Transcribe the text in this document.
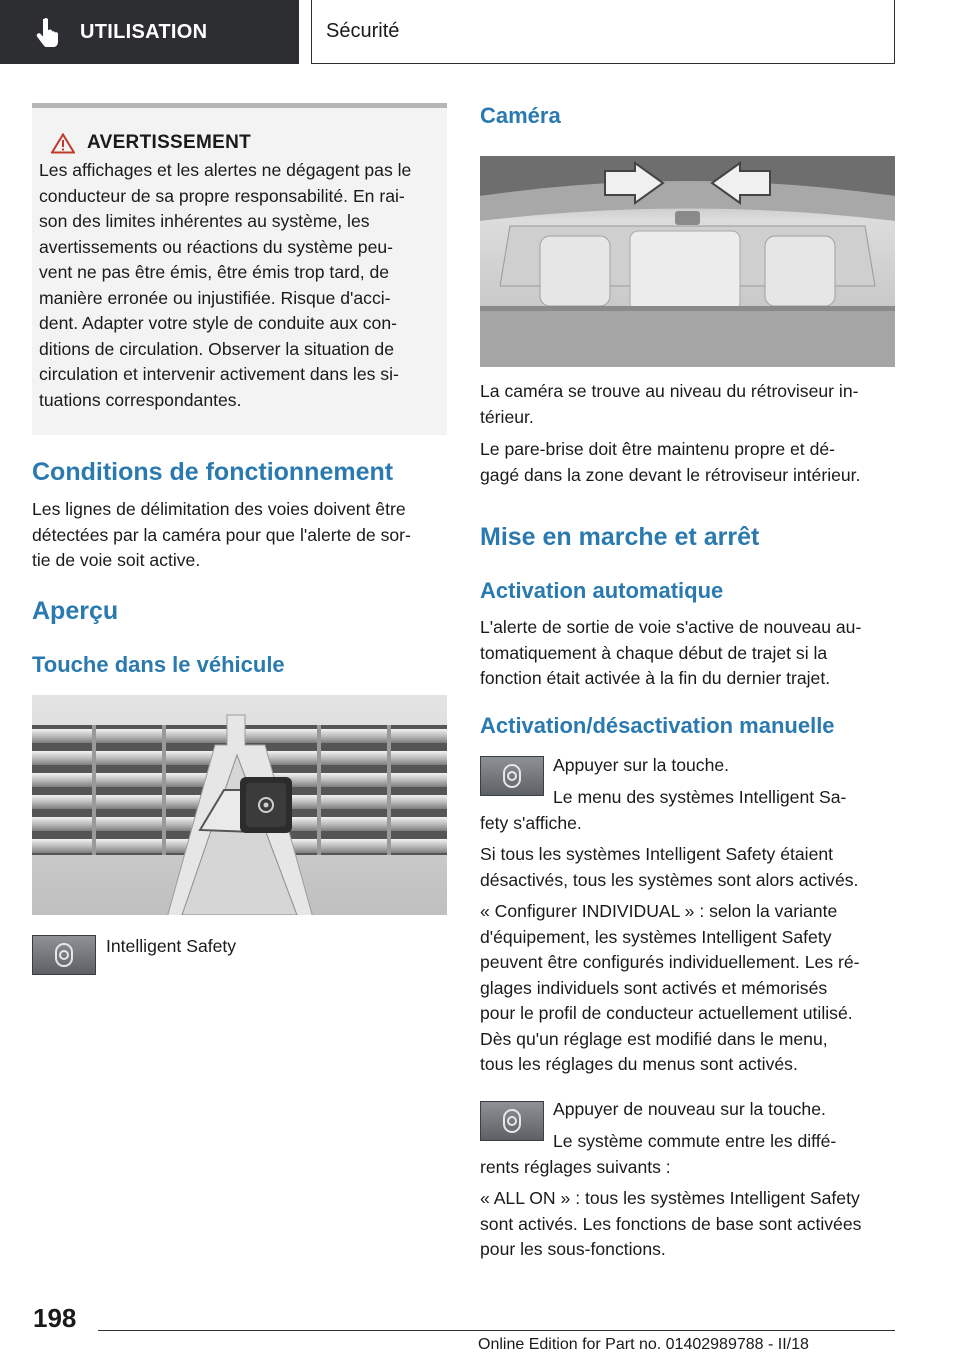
UTILISATION	Sécurité
AVERTISSEMENT

Les affichages et les alertes ne dégagent pas le
conducteur de sa propre responsabilité. En rai‐
son des limites inhérentes au système, les
avertissements ou réactions du système peu‐
vent ne pas être émis, être émis trop tard, de
manière erronée ou injustifiée. Risque d'acci‐
dent. Adapter votre style de conduite aux con‐
ditions de circulation. Observer la situation de
circulation et intervenir activement dans les si‐
tuations correspondantes.

Conditions de fonctionnement

Les lignes de délimitation des voies doivent être
détectées par la caméra pour que l'alerte de sor‐
tie de voie soit active.

Aperçu
Touche dans le véhicule

Intelligent Safety

Caméra

La caméra se trouve au niveau du rétroviseur in‐
térieur.

Le pare-brise doit être maintenu propre et dé‐
gagé dans la zone devant le rétroviseur intérieur.

Mise en marche et arrêt
Activation automatique

L'alerte de sortie de voie s'active de nouveau au‐
tomatiquement à chaque début de trajet si la
fonction était activée à la fin du dernier trajet.

Activation/désactivation manuelle

Appuyer sur la touche.

Le menu des systèmes Intelligent Sa‐
fety s'affiche.

Si tous les systèmes Intelligent Safety étaient
désactivés, tous les systèmes sont alors activés.

« Configurer INDIVIDUAL » : selon la variante
d'équipement, les systèmes Intelligent Safety
peuvent être configurés individuellement. Les ré‐
glages individuels sont activés et mémorisés
pour le profil de conducteur actuellement utilisé.
Dès qu'un réglage est modifié dans le menu,
tous les réglages du menus sont activés.

Appuyer de nouveau sur la touche.

Le système commute entre les diffé‐
rents réglages suivants :

« ALL ON » : tous les systèmes Intelligent Safety
sont activés. Les fonctions de base sont activées
pour les sous-fonctions.

198
Online Edition for Part no. 01402989788 - II/18
